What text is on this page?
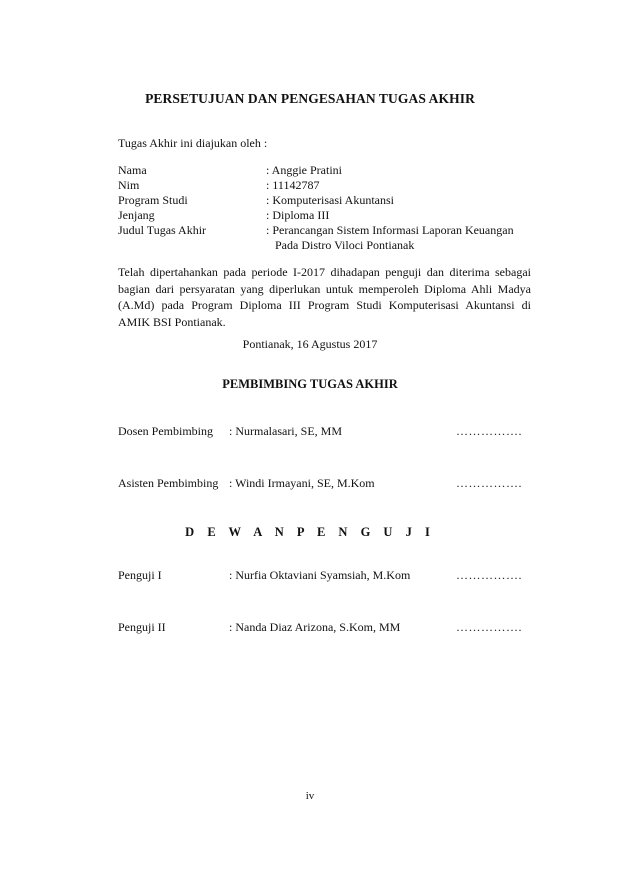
PERSETUJUAN DAN PENGESAHAN TUGAS AKHIR
Tugas Akhir ini diajukan oleh :
Nama	: Anggie Pratini
Nim	: 11142787
Program Studi	: Komputerisasi Akuntansi
Jenjang	: Diploma III
Judul Tugas Akhir	: Perancangan Sistem Informasi Laporan Keuangan
Pada Distro Viloci Pontianak
Telah dipertahankan pada periode I-2017 dihadapan penguji dan diterima sebagai
bagian dari persyaratan yang diperlukan untuk memperoleh Diploma Ahli Madya
(A.Md) pada Program Diploma III Program Studi Komputerisasi Akuntansi di
AMIK BSI Pontianak.
Pontianak, 16 Agustus 2017
PEMBIMBING TUGAS AKHIR
Dosen Pembimbing : Nurmalasari, SE, MM	…………….
Asisten Pembimbing : Windi Irmayani, SE, M.Kom	…………….
D E W A N P E N G U J I
Penguji I	: Nurfia Oktaviani Syamsiah, M.Kom	…………….
Penguji II	: Nanda Diaz Arizona, S.Kom, MM	…………….
iv
